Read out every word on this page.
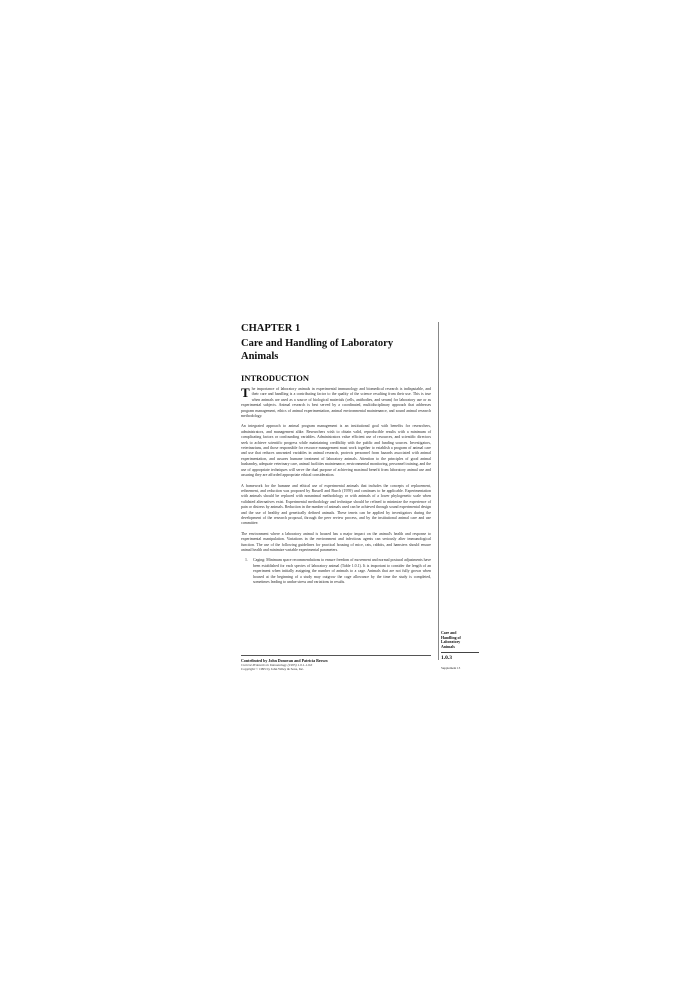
CHAPTER 1
Care and Handling of Laboratory Animals
INTRODUCTION

T he importance of laboratory animals in experimental immunology and biomedical research is indisputable, and their care and handling is a contributing factor to the quality of the science resulting from their use. This is true when animals are used as a source of biological materials (cells, antibodies, and serum) for laboratory use or as experimental subjects. Animal research is best served by a coordinated, multidisciplinary approach that addresses program management, ethics of animal experimentation, animal environmental maintenance, and sound animal research methodology.

An integrated approach to animal program management is an institutional goal with benefits for researchers, administrators, and management alike. Researchers wish to obtain valid, reproducible results with a minimum of complicating factors or confounding variables. Administrators value efficient use of resources, and scientific directors seek to achieve scientific progress while maintaining credibility with the public and funding sources. Investigators, veterinarians, and those responsible for resource management must work together to establish a program of animal care and use that reduces unwanted variables in animal research, protects personnel from hazards associated with animal experimentation, and assures humane treatment of laboratory animals. Attention to the principles of good animal husbandry, adequate veterinary care, animal facilities maintenance, environmental monitoring, personnel training, and the use of appropriate techniques will serve the dual purpose of achieving maximal benefit from laboratory animal use and assuring they are afforded appropriate ethical consideration.

A framework for the humane and ethical use of experimental animals that includes the concepts of replacement, refinement, and reduction was proposed by Russell and Burch (1959) and continues to be applicable. Experimentation with animals should be replaced with nonanimal methodology or with animals of a lower phylogenetic scale when validated alternatives exist. Experimental methodology and technique should be refined to minimize the experience of pain or distress by animals. Reduction in the number of animals used can be achieved through sound experimental design and the use of healthy and genetically defined animals. These tenets can be applied by investigators during the development of the research proposal, through the peer review process, and by the institutional animal care and use committee.

The environment where a laboratory animal is housed has a major impact on the animal's health and response to experimental manipulation. Variations in the environment and infectious agents can seriously alter immunological function. The use of the following guidelines for practical housing of mice, rats, rabbits, and hamsters should ensure animal health and minimize variable experimental parameters.

1. Caging: Minimum space recommendations to ensure freedom of movement and normal postural adjustments have been established for each species of laboratory animal (Table 1.0.1). It is important to consider the length of an experiment when initially assigning the number of animals to a cage. Animals that are not fully grown when housed at the beginning of a study may outgrow the cage allowance by the time the study is completed, sometimes leading to undue stress and variations in results.

Contributed by John Donovan and Patricia Brown
Current Protocols in Immunology (1995) 1.0.1-1.0.6
Copyright © 1995 by John Wiley & Sons, Inc.
Care and
Handling of
Laboratory
Animals
1.0.3
Supplement 13
